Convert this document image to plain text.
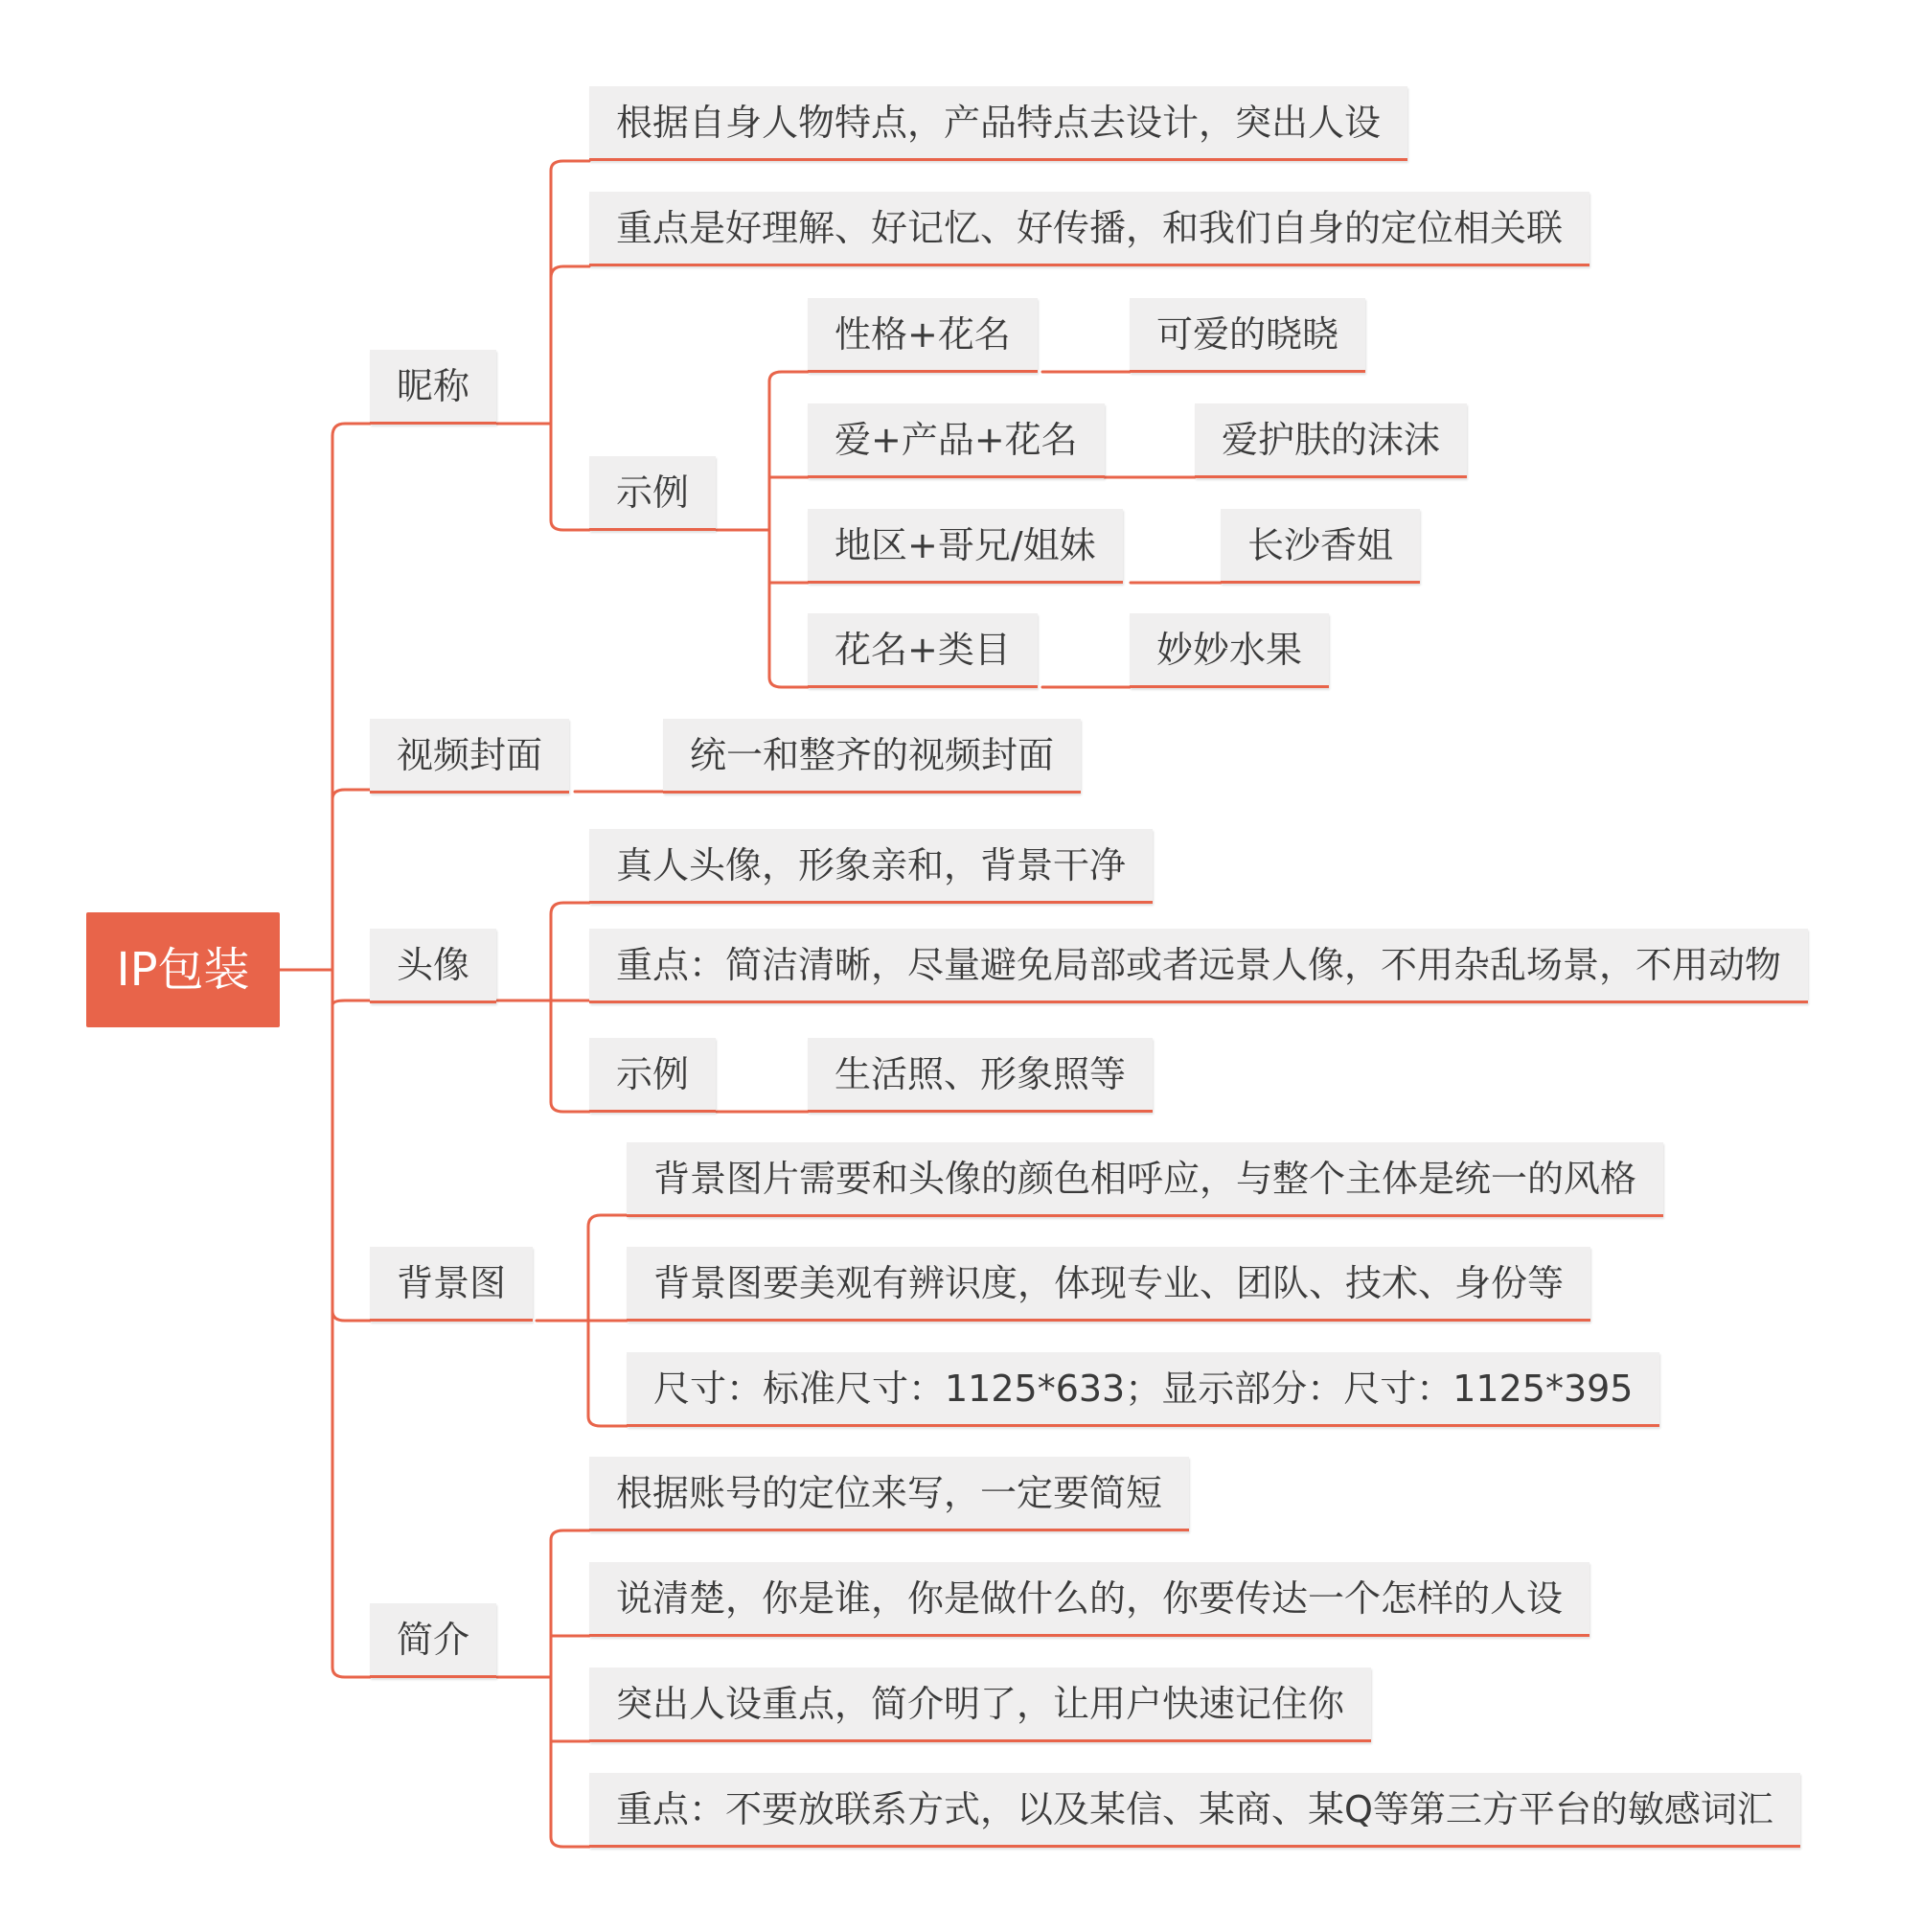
IP包装
昵称
根据自身人物特点，产品特点去设计，突出人设
重点是好理解、好记忆、好传播，和我们自身的定位相关联
示例
性格+花名	可爱的晓晓
爱+产品+花名	爱护肤的沫沫
地区+哥兄/姐妹	长沙香姐
花名+类目	妙妙水果
视频封面	统一和整齐的视频封面
头像
真人头像，形象亲和，背景干净
重点：简洁清晰，尽量避免局部或者远景人像，不用杂乱场景，不用动物
示例	生活照、形象照等
背景图
背景图片需要和头像的颜色相呼应，与整个主体是统一的风格
背景图要美观有辨识度，体现专业、团队、技术、身份等
尺寸：标准尺寸：1125*633；显示部分：尺寸：1125*395
简介
根据账号的定位来写，一定要简短
说清楚，你是谁，你是做什么的，你要传达一个怎样的人设
突出人设重点，简介明了，让用户快速记住你
重点：不要放联系方式，以及某信、某商、某Q等第三方平台的敏感词汇
